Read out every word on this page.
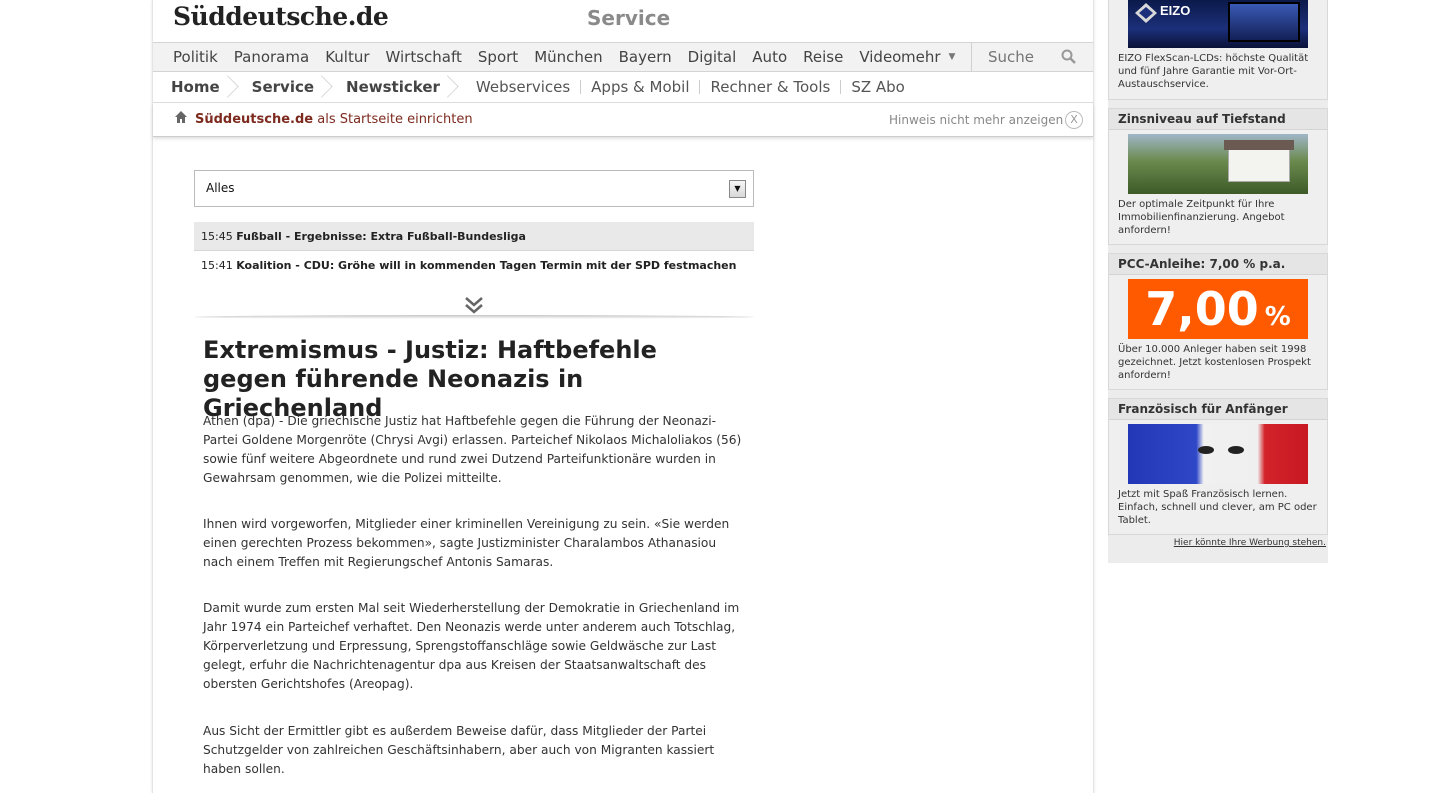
Süddeutsche.de	Service
Politik Panorama Kultur Wirtschaft Sport München Bayern Digital Auto Reise Video mehr ▼
Suche
Home	Service	Newsticker	Webservices	Apps & Mobil	Rechner & Tools	SZ Abo
Süddeutsche.de als Startseite einrichten	Hinweis nicht mehr anzeigen X
Alles	▼
15:45 Fußball - Ergebnisse: Extra Fußball-Bundesliga
15:41 Koalition - CDU: Gröhe will in kommenden Tagen Termin mit der SPD festmachen
Extremismus - Justiz: Haftbefehle gegen führende Neonazis in Griechenland

Athen (dpa) - Die griechische Justiz hat Haftbefehle gegen die Führung der Neonazi-Partei Goldene Morgenröte (Chrysi Avgi) erlassen. Parteichef Nikolaos Michaloliakos (56) sowie fünf weitere Abgeordnete und rund zwei Dutzend Parteifunktionäre wurden in Gewahrsam genommen, wie die Polizei mitteilte.

Ihnen wird vorgeworfen, Mitglieder einer kriminellen Vereinigung zu sein. «Sie werden einen gerechten Prozess bekommen», sagte Justizminister Charalambos Athanasiou nach einem Treffen mit Regierungschef Antonis Samaras.

Damit wurde zum ersten Mal seit Wiederherstellung der Demokratie in Griechenland im Jahr 1974 ein Parteichef verhaftet. Den Neonazis werde unter anderem auch Totschlag, Körperverletzung und Erpressung, Sprengstoffanschläge sowie Geldwäsche zur Last gelegt, erfuhr die Nachrichtenagentur dpa aus Kreisen der Staatsanwaltschaft des obersten Gerichtshofes (Areopag).

Aus Sicht der Ermittler gibt es außerdem Beweise dafür, dass Mitglieder der Partei Schutzgelder von zahlreichen Geschäftsinhabern, aber auch von Migranten kassiert haben sollen.

EIZO
EIZO FlexScan-LCDs: höchste Qualität und fünf Jahre Garantie mit Vor-Ort-Austauschservice.
Zinsniveau auf Tiefstand
Der optimale Zeitpunkt für Ihre Immobilienfinanzierung. Angebot anfordern!
PCC-Anleihe: 7,00 % p.a.
7,00 %
Über 10.000 Anleger haben seit 1998 gezeichnet. Jetzt kostenlosen Prospekt anfordern!
Französisch für Anfänger
Jetzt mit Spaß Französisch lernen. Einfach, schnell und clever, am PC oder Tablet.
Hier könnte Ihre Werbung stehen.
